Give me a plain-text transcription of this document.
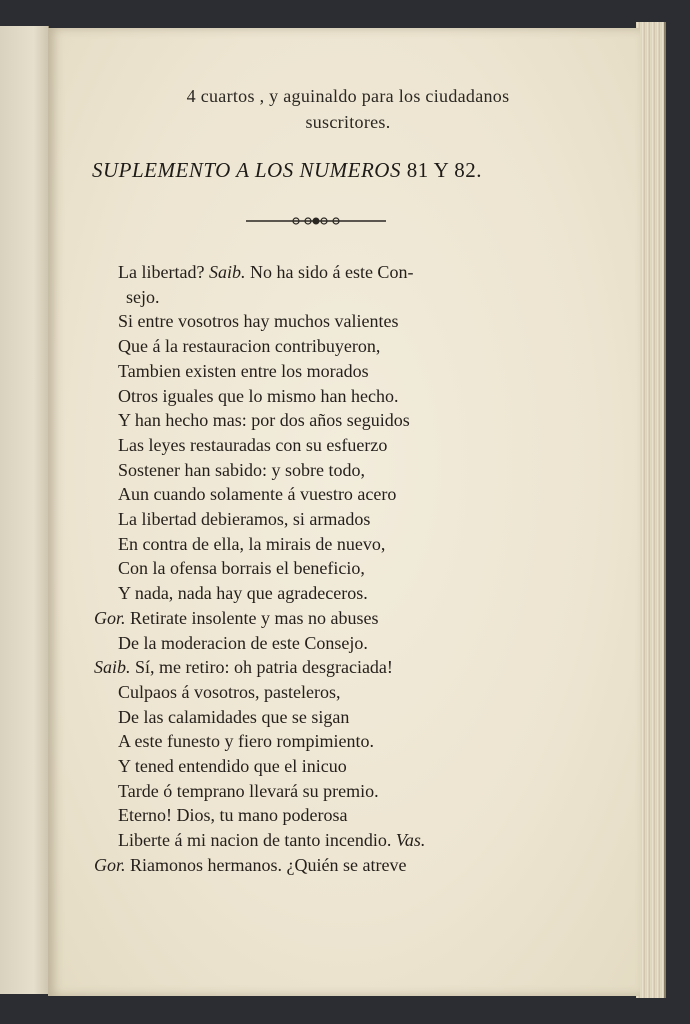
4 cuartos , y aguinaldo para los ciudadanos
suscritores.
SUPLEMENTO A LOS NUMEROS 81 Y 82.
La libertad? Saib. No ha sido á este Con-
sejo.
Si entre vosotros hay muchos valientes
Que á la restauracion contribuyeron,
Tambien existen entre los morados
Otros iguales que lo mismo han hecho.
Y han hecho mas: por dos años seguidos
Las leyes restauradas con su esfuerzo
Sostener han sabido: y sobre todo,
Aun cuando solamente á vuestro acero
La libertad debieramos, si armados
En contra de ella, la mirais de nuevo,
Con la ofensa borrais el beneficio,
Y nada, nada hay que agradeceros.
Gor. Retirate insolente y mas no abuses
De la moderacion de este Consejo.
Saib. Sí, me retiro: oh patria desgraciada!
Culpaos á vosotros, pasteleros,
De las calamidades que se sigan
A este funesto y fiero rompimiento.
Y tened entendido que el inicuo
Tarde ó temprano llevará su premio.
Eterno! Dios, tu mano poderosa
Liberte á mi nacion de tanto incendio. Vas.
Gor. Riamonos hermanos. ¿Quién se atreve
